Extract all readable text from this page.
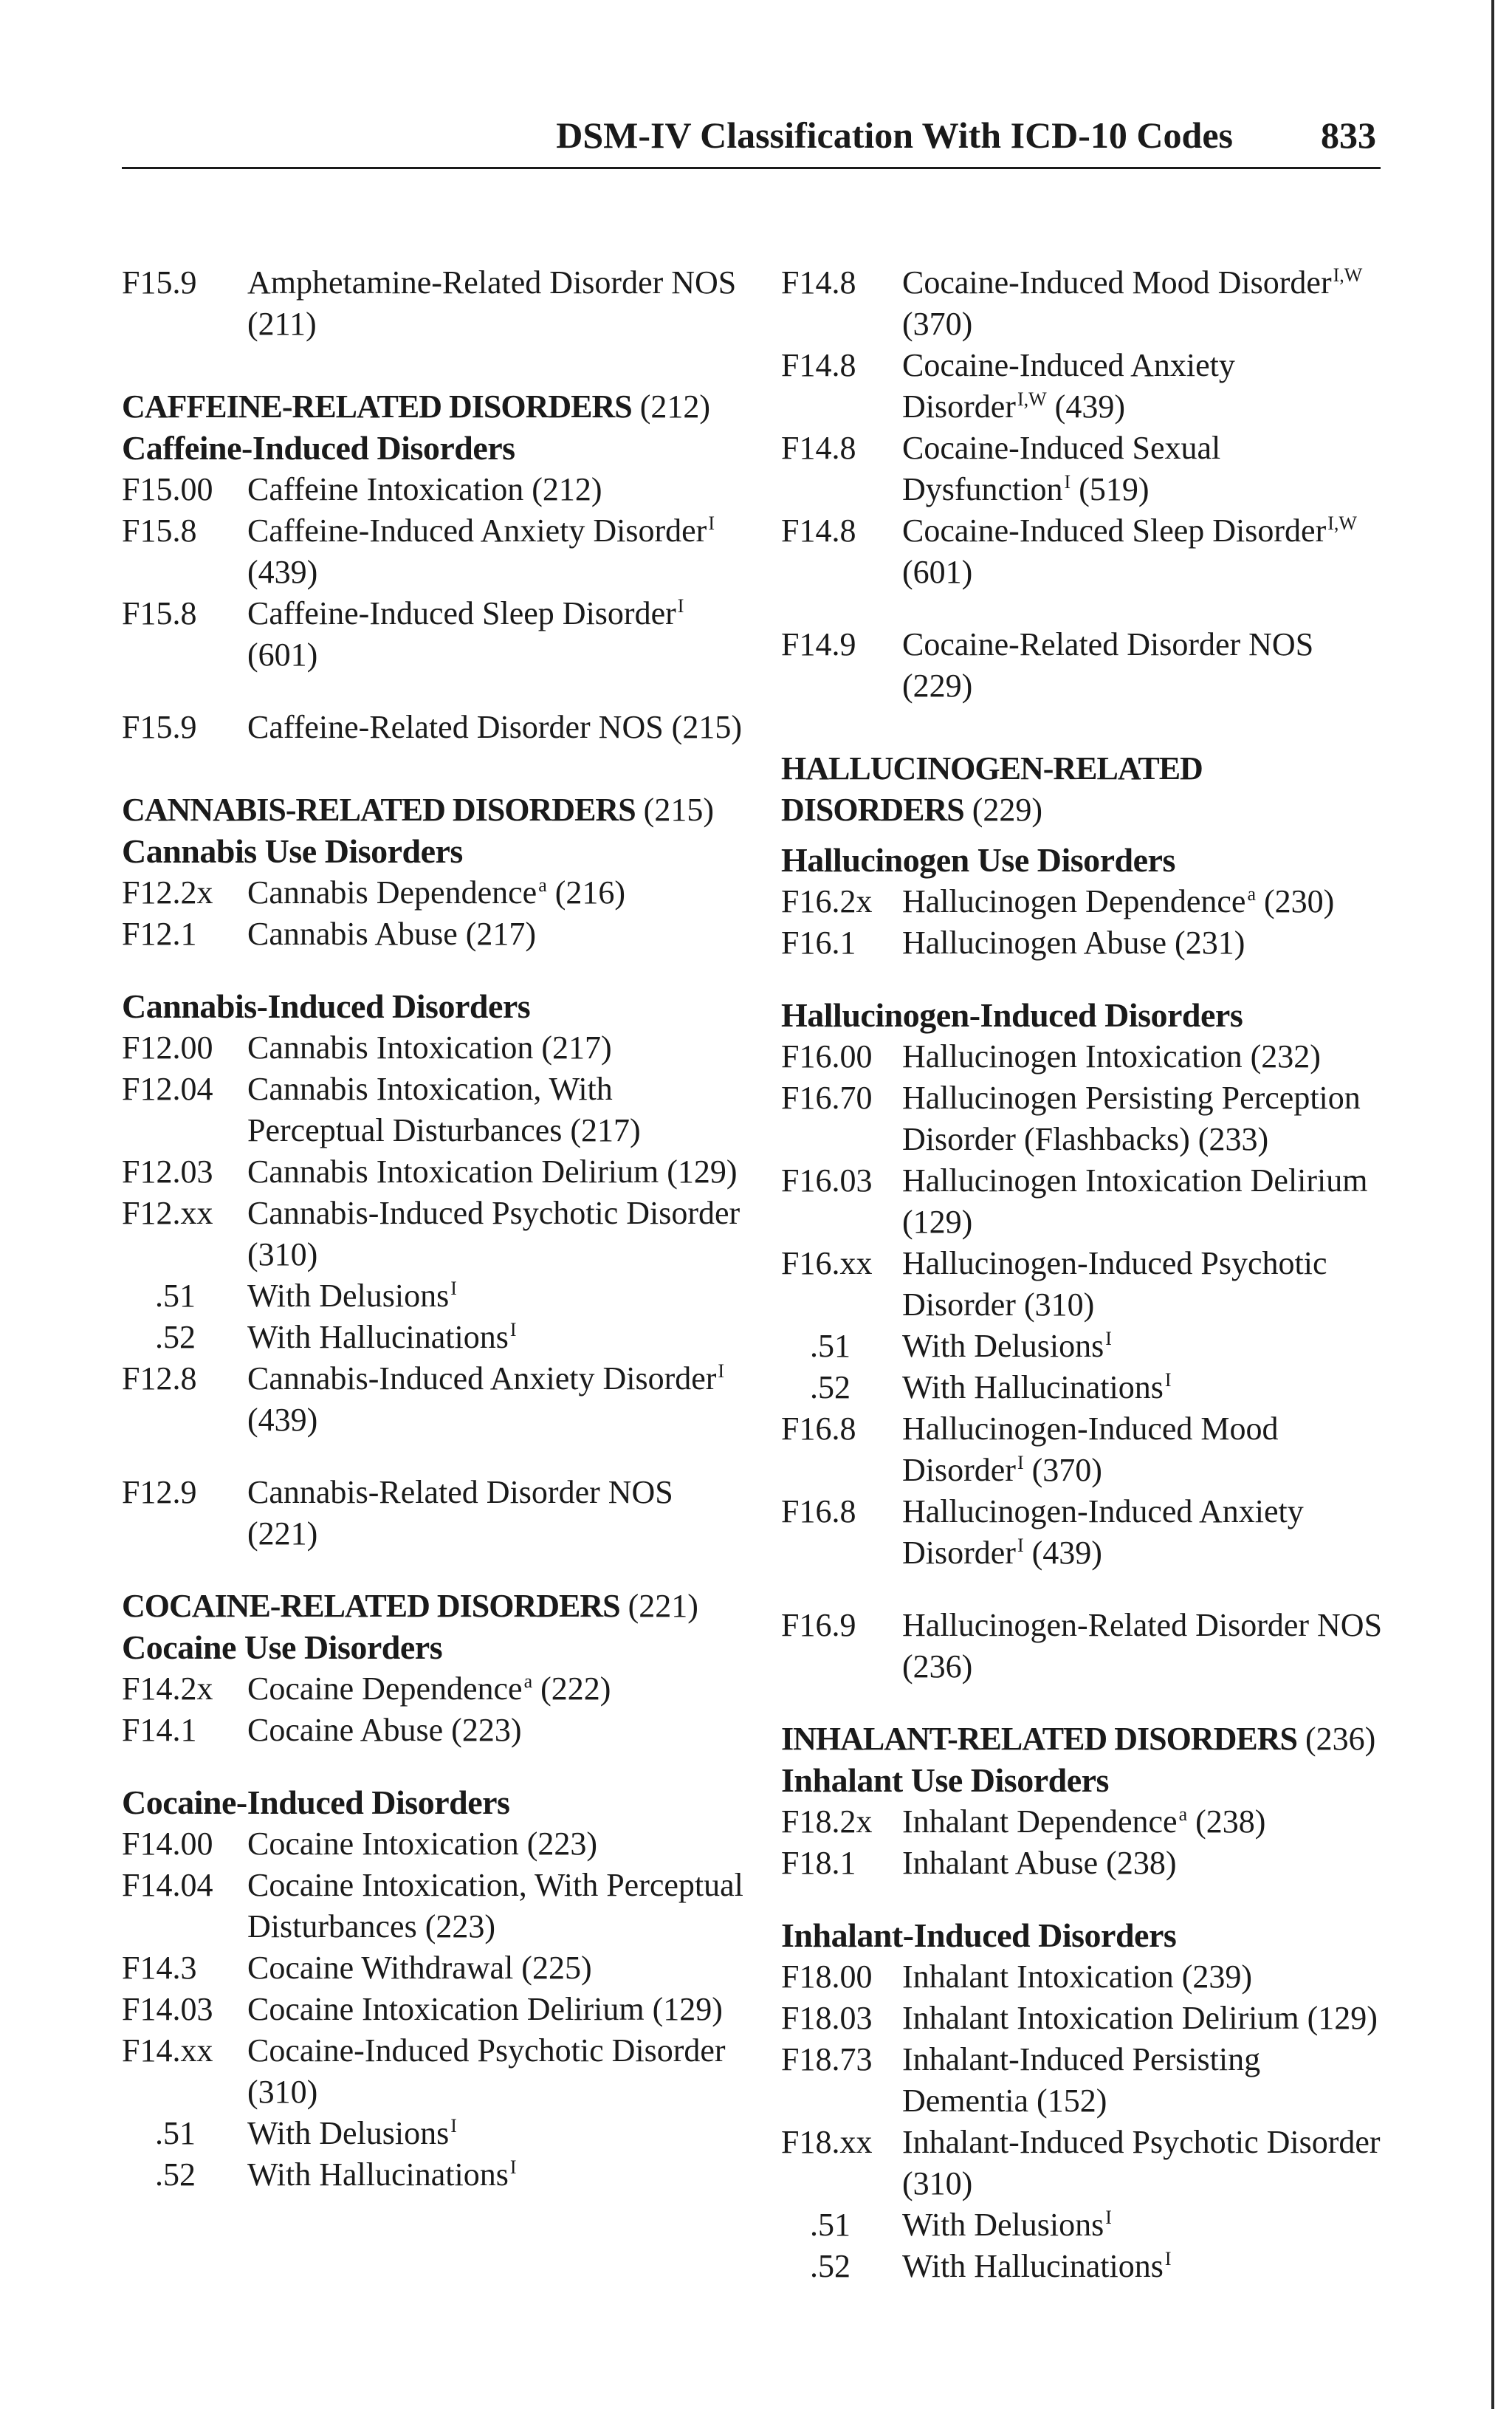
DSM-IV Classification With ICD-10 Codes 833
F15.9	Amphetamine-Related Disorder NOS (211)
CAFFEINE-RELATED DISORDERS (212)
Caffeine-Induced Disorders
F15.00	Caffeine Intoxication (212)
F15.8	Caffeine-Induced Anxiety Disorder$^I$ (439)
F15.8	Caffeine-Induced Sleep Disorder$^I$ (601)
F15.9	Caffeine-Related Disorder NOS (215)
CANNABIS-RELATED DISORDERS (215)
Cannabis Use Disorders
F12.2x	Cannabis Dependence$^a$ (216)
F12.1	Cannabis Abuse (217)
Cannabis-Induced Disorders
F12.00	Cannabis Intoxication (217)
F12.04	Cannabis Intoxication, With Perceptual Disturbances (217)
F12.03	Cannabis Intoxication Delirium (129)
F12.xx	Cannabis-Induced Psychotic Disorder (310)
.51	With Delusions$^I$
.52	With Hallucinations$^I$
F12.8	Cannabis-Induced Anxiety Disorder$^I$ (439)
F12.9	Cannabis-Related Disorder NOS (221)
COCAINE-RELATED DISORDERS (221)
Cocaine Use Disorders
F14.2x	Cocaine Dependence$^a$ (222)
F14.1	Cocaine Abuse (223)
Cocaine-Induced Disorders
F14.00	Cocaine Intoxication (223)
F14.04	Cocaine Intoxication, With Perceptual Disturbances (223)
F14.3	Cocaine Withdrawal (225)
F14.03	Cocaine Intoxication Delirium (129)
F14.xx	Cocaine-Induced Psychotic Disorder (310)
.51	With Delusions$^I$
.52	With Hallucinations$^I$
F14.8	Cocaine-Induced Mood Disorder$^{I,W}$ (370)
F14.8	Cocaine-Induced Anxiety Disorder$^{I,W}$ (439)
F14.8	Cocaine-Induced Sexual Dysfunction$^I$ (519)
F14.8	Cocaine-Induced Sleep Disorder$^{I,W}$ (601)
F14.9	Cocaine-Related Disorder NOS (229)
HALLUCINOGEN-RELATED
DISORDERS (229)
Hallucinogen Use Disorders
F16.2x Hallucinogen Dependence$^a$ (230)
F16.1	Hallucinogen Abuse (231)
Hallucinogen-Induced Disorders
F16.00 Hallucinogen Intoxication (232)
F16.70 Hallucinogen Persisting Perception Disorder (Flashbacks) (233)
F16.03 Hallucinogen Intoxication Delirium (129)
F16.xx Hallucinogen-Induced Psychotic Disorder (310)
.51	With Delusions$^I$
.52	With Hallucinations$^I$
F16.8	Hallucinogen-Induced Mood Disorder$^I$ (370)
F16.8	Hallucinogen-Induced Anxiety Disorder$^I$ (439)
F16.9	Hallucinogen-Related Disorder NOS (236)
INHALANT-RELATED DISORDERS (236)
Inhalant Use Disorders
F18.2x Inhalant Dependence$^a$ (238)
F18.1	Inhalant Abuse (238)
Inhalant-Induced Disorders
F18.00 Inhalant Intoxication (239)
F18.03 Inhalant Intoxication Delirium (129)
F18.73 Inhalant-Induced Persisting Dementia (152)
F18.xx Inhalant-Induced Psychotic Disorder (310)
.51	With Delusions$^I$
.52	With Hallucinations$^I$
